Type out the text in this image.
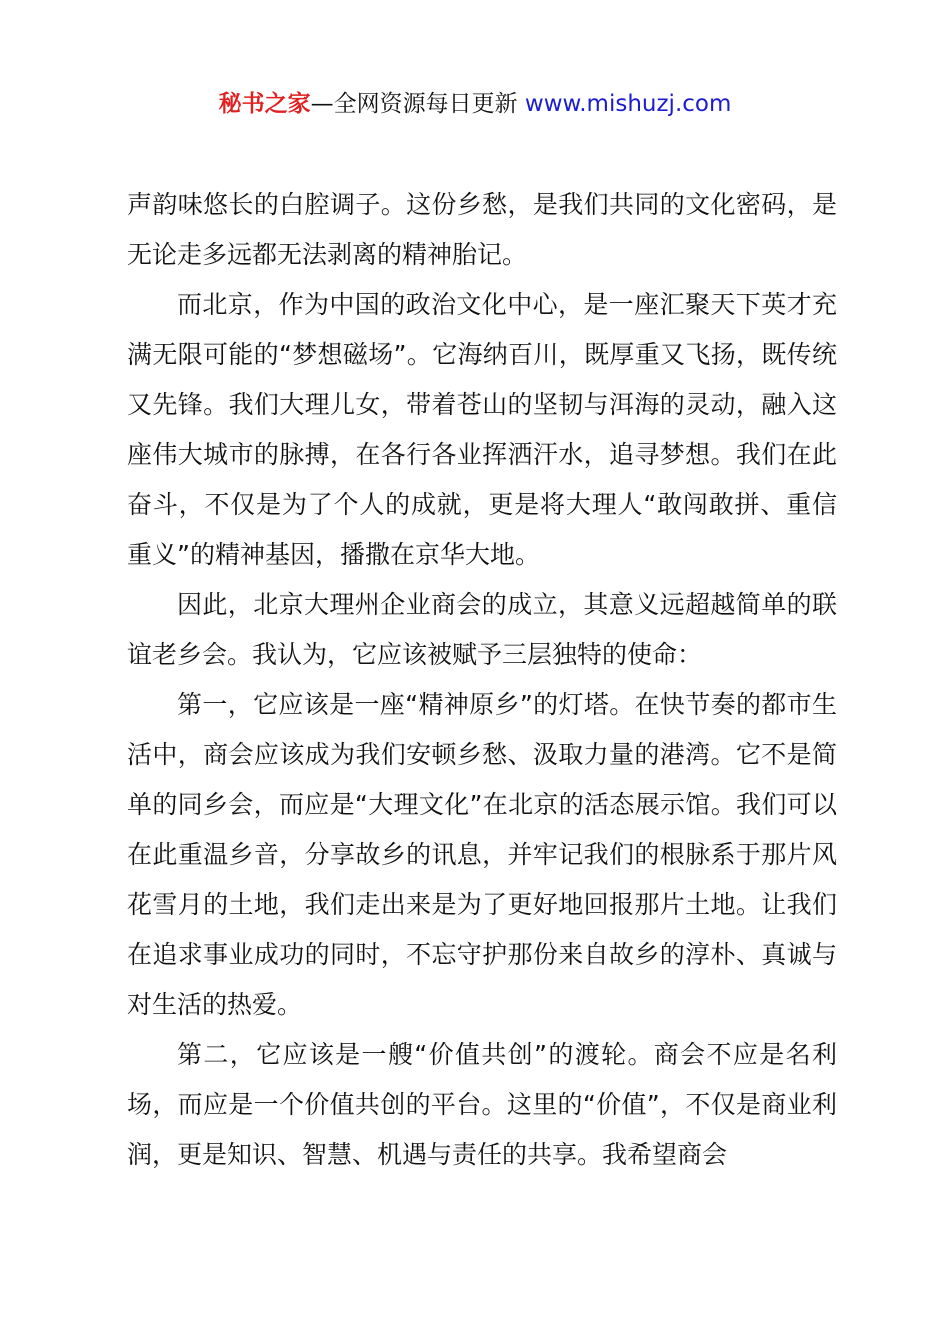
秘书之家—全网资源每日更新 www.mishuzj.com

声韵味悠长的白腔调子。这份乡愁，是我们共同的文化密码，是无论走多远都无法剥离的精神胎记。

而北京，作为中国的政治文化中心，是一座汇聚天下英才充满无限可能的“梦想磁场”。它海纳百川，既厚重又飞扬，既传统又先锋。我们大理儿女，带着苍山的坚韧与洱海的灵动，融入这座伟大城市的脉搏，在各行各业挥洒汗水，追寻梦想。我们在此奋斗，不仅是为了个人的成就，更是将大理人“敢闯敢拼、重信重义”的精神基因，播撒在京华大地。

因此，北京大理州企业商会的成立，其意义远超越简单的联谊老乡会。我认为，它应该被赋予三层独特的使命：

第一，它应该是一座“精神原乡”的灯塔。在快节奏的都市生活中，商会应该成为我们安顿乡愁、汲取力量的港湾。它不是简单的同乡会，而应是“大理文化”在北京的活态展示馆。我们可以在此重温乡音，分享故乡的讯息，并牢记我们的根脉系于那片风花雪月的土地，我们走出来是为了更好地回报那片土地。让我们在追求事业成功的同时，不忘守护那份来自故乡的淳朴、真诚与对生活的热爱。

第二，它应该是一艘“价值共创”的渡轮。商会不应是名利场，而应是一个价值共创的平台。这里的“价值”，不仅是商业利润，更是知识、智慧、机遇与责任的共享。我希望商会
